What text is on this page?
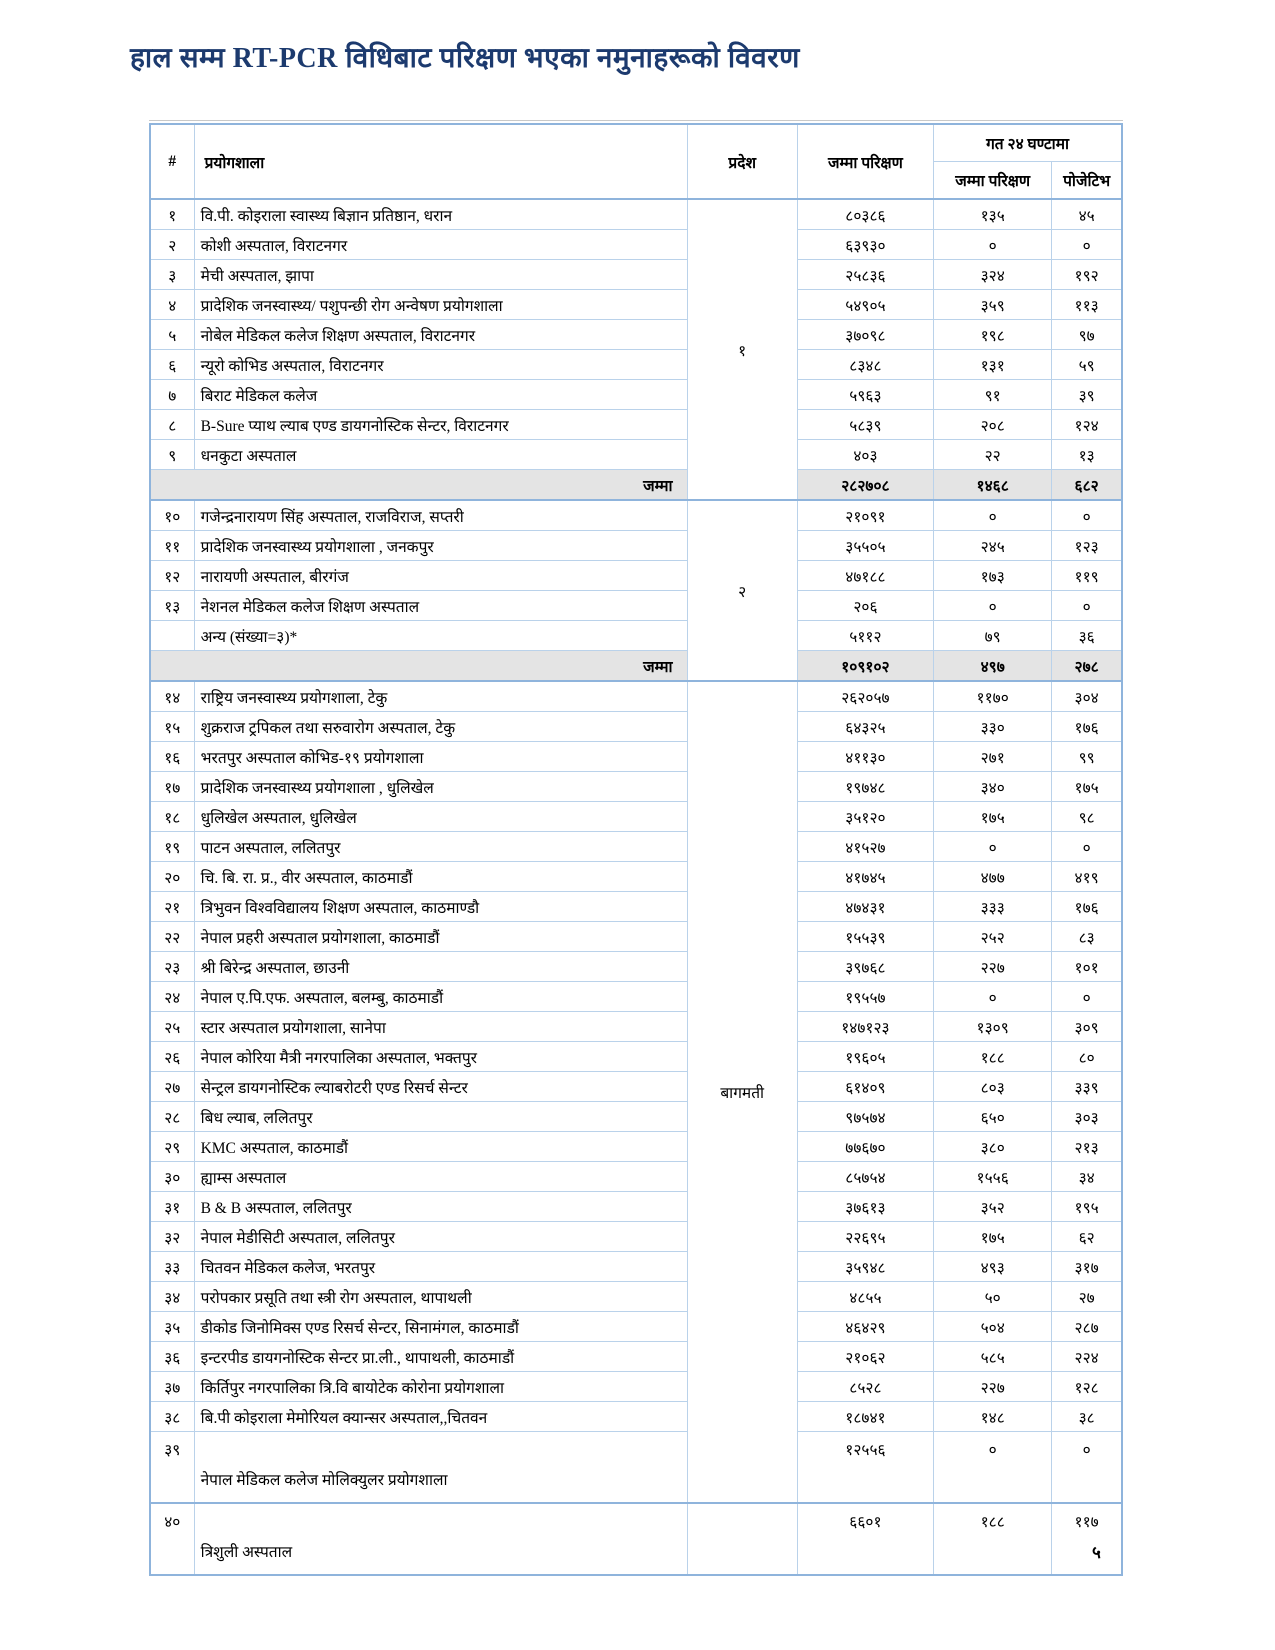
हाल सम्म RT-PCR विधिबाट परिक्षण भएका नमुनाहरूको विवरण
#	प्रयोगशाला	प्रदेश	जम्मा परिक्षण	गत २४ घण्टामा	
				जम्मा परिक्षण	पोजेटिभ
१	वि.पी. कोइराला स्वास्थ्य बिज्ञान प्रतिष्ठान, धरान	१	८०३८६	१३५	४५
२	कोशी अस्पताल, विराटनगर		६३९३०	०	०
३	मेची अस्पताल, झापा		२५८३६	३२४	१९२
४	प्रादेशिक जनस्वास्थ्य/ पशुपन्छी रोग अन्वेषण प्रयोगशाला		५४९०५	३५९	११३
५	नोबेल मेडिकल कलेज शिक्षण अस्पताल, विराटनगर		३७०९८	१९८	९७
६	न्यूरो कोभिड अस्पताल, विराटनगर		८३४८	१३१	५९
७	बिराट मेडिकल कलेज		५९६३	९१	३९
८	B-Sure प्याथ ल्याब एण्ड डायगनोस्टिक सेन्टर, विराटनगर		५८३९	२०८	१२४
९	धनकुटा अस्पताल		४०३	२२	१३
जम्मा			२८२७०८	१४६८	६८२
१०	गजेन्द्रनारायण सिंह अस्पताल, राजविराज, सप्तरी	२	२१०९१	०	०
११	प्रादेशिक जनस्वास्थ्य प्रयोगशाला , जनकपुर		३५५०५	२४५	१२३
१२	नारायणी अस्पताल, बीरगंज		४७१८८	१७३	११९
१३	नेशनल मेडिकल कलेज शिक्षण अस्पताल		२०६	०	०
	अन्य (संख्या=३)*		५११२	७९	३६
जम्मा			१०९१०२	४९७	२७८
१४	राष्ट्रिय जनस्वास्थ्य प्रयोगशाला, टेकु	बागमती	२६२०५७	११७०	३०४
१५	शुक्रराज ट्रपिकल तथा सरुवारोग अस्पताल, टेकु		६४३२५	३३०	१७६
१६	भरतपुर अस्पताल कोभिड-१९ प्रयोगशाला		४११३०	२७१	९९
१७	प्रादेशिक जनस्वास्थ्य प्रयोगशाला , धुलिखेल		१९७४८	३४०	१७५
१८	धुलिखेल अस्पताल, धुलिखेल		३५१२०	१७५	९८
१९	पाटन अस्पताल, ललितपुर		४१५२७	०	०
२०	चि. बि. रा. प्र., वीर अस्पताल, काठमाडौं		४१७४५	४७७	४१९
२१	त्रिभुवन विश्वविद्यालय शिक्षण अस्पताल, काठमाण्डौ		४७४३१	३३३	१७६
२२	नेपाल प्रहरी अस्पताल प्रयोगशाला, काठमाडौं		१५५३९	२५२	८३
२३	श्री बिरेन्द्र अस्पताल, छाउनी		३९७६८	२२७	१०१
२४	नेपाल ए.पि.एफ. अस्पताल, बलम्बु, काठमाडौं		१९५५७	०	०
२५	स्टार अस्पताल प्रयोगशाला, सानेपा		१४७१२३	१३०९	३०९
२६	नेपाल कोरिया मैत्री नगरपालिका अस्पताल, भक्तपुर		१९६०५	१८८	८०
२७	सेन्ट्रल डायगनोस्टिक ल्याबरोटरी एण्ड रिसर्च सेन्टर		६१४०९	८०३	३३९
२८	बिध ल्याब, ललितपुर		९७५७४	६५०	३०३
२९	KMC अस्पताल, काठमाडौं		७७६७०	३८०	२१३
३०	ह्याम्स अस्पताल		८५७५४	१५५६	३४
३१	B & B अस्पताल, ललितपुर		३७६१३	३५२	१९५
३२	नेपाल मेडीसिटी अस्पताल, ललितपुर		२२६९५	१७५	६२
३३	चितवन मेडिकल कलेज, भरतपुर		३५९४८	४९३	३१७
३४	परोपकार प्रसूति तथा स्त्री रोग अस्पताल, थापाथली		४८५५	५०	२७
३५	डीकोड जिनोमिक्स एण्ड रिसर्च सेन्टर, सिनामंगल, काठमाडौं		४६४२९	५०४	२८७
३६	इन्टरपीड डायगनोस्टिक सेन्टर प्रा.ली., थापाथली, काठमाडौं		२१०६२	५८५	२२४
३७	किर्तिपुर नगरपालिका त्रि.वि बायोटेक कोरोना प्रयोगशाला		८५२८	२२७	१२८
३८	बि.पी कोइराला मेमोरियल क्यान्सर अस्पताल,,चितवन		१८७४१	१४८	३८
३९	नेपाल मेडिकल कलेज मोलिक्युलर प्रयोगशाला		१२५५६	०	०
४०	त्रिशुली अस्पताल		६६०१	१८८	११७
५
